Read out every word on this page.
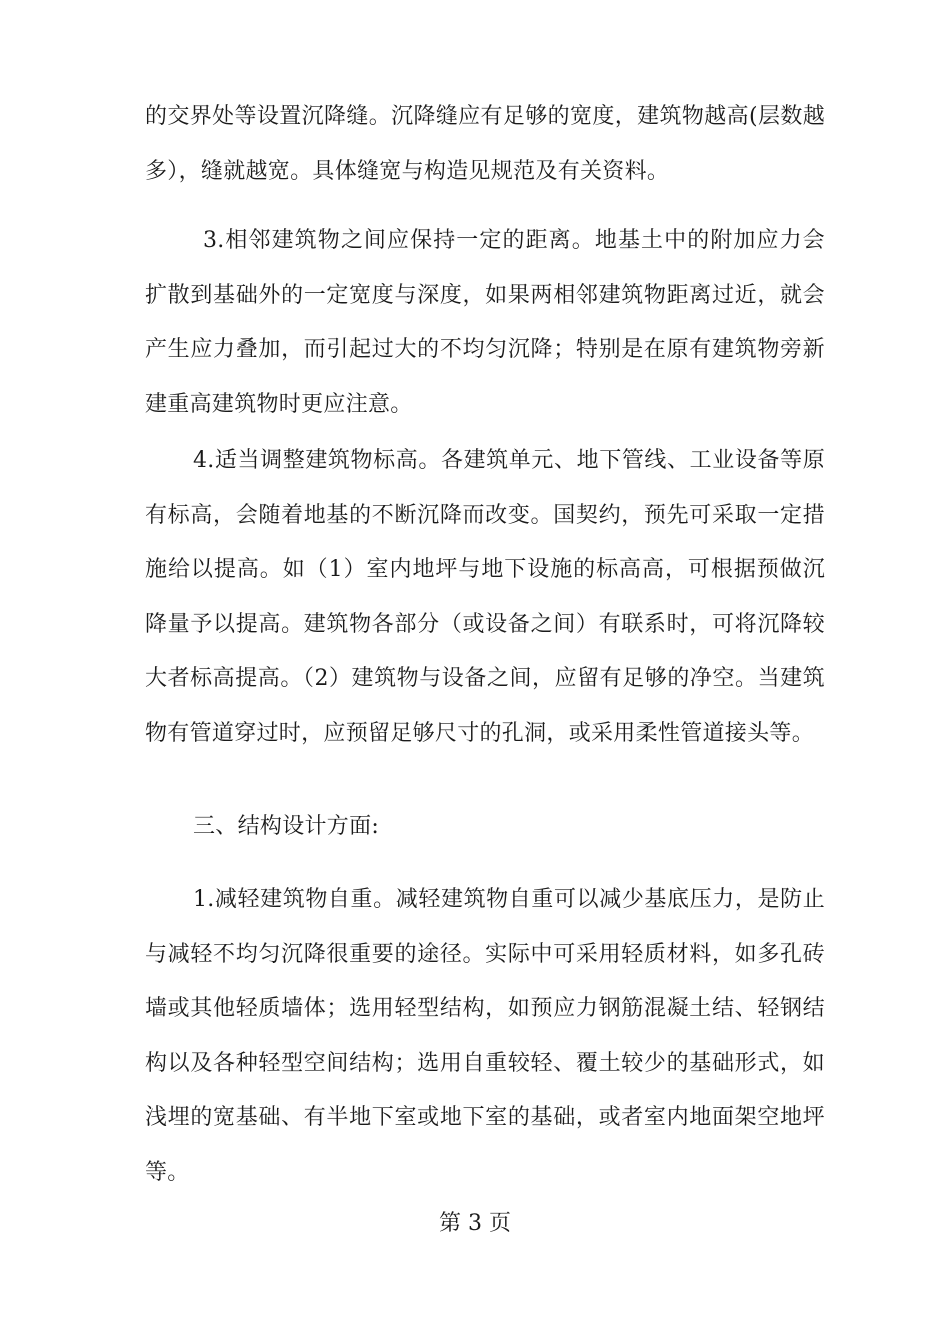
的交界处等设置沉降缝。沉降缝应有足够的宽度，建筑物越高(层数越多），缝就越宽。具体缝宽与构造见规范及有关资料。

3.相邻建筑物之间应保持一定的距离。地基土中的附加应力会扩散到基础外的一定宽度与深度，如果两相邻建筑物距离过近，就会产生应力叠加，而引起过大的不均匀沉降；特别是在原有建筑物旁新建重高建筑物时更应注意。

4.适当调整建筑物标高。各建筑单元、地下管线、工业设备等原有标高，会随着地基的不断沉降而改变。国契约，预先可采取一定措施给以提高。如（1）室内地坪与地下设施的标高高，可根据预做沉降量予以提高。建筑物各部分（或设备之间）有联系时，可将沉降较大者标高提高。（2）建筑物与设备之间，应留有足够的净空。当建筑物有管道穿过时，应预留足够尺寸的孔洞，或采用柔性管道接头等。

三、结构设计方面:

1.减轻建筑物自重。减轻建筑物自重可以减少基底压力，是防止与减轻不均匀沉降很重要的途径。实际中可采用轻质材料，如多孔砖墙或其他轻质墙体；选用轻型结构，如预应力钢筋混凝土结、轻钢结构以及各种轻型空间结构；选用自重较轻、覆土较少的基础形式，如浅埋的宽基础、有半地下室或地下室的基础，或者室内地面架空地坪等。

第 3 页
